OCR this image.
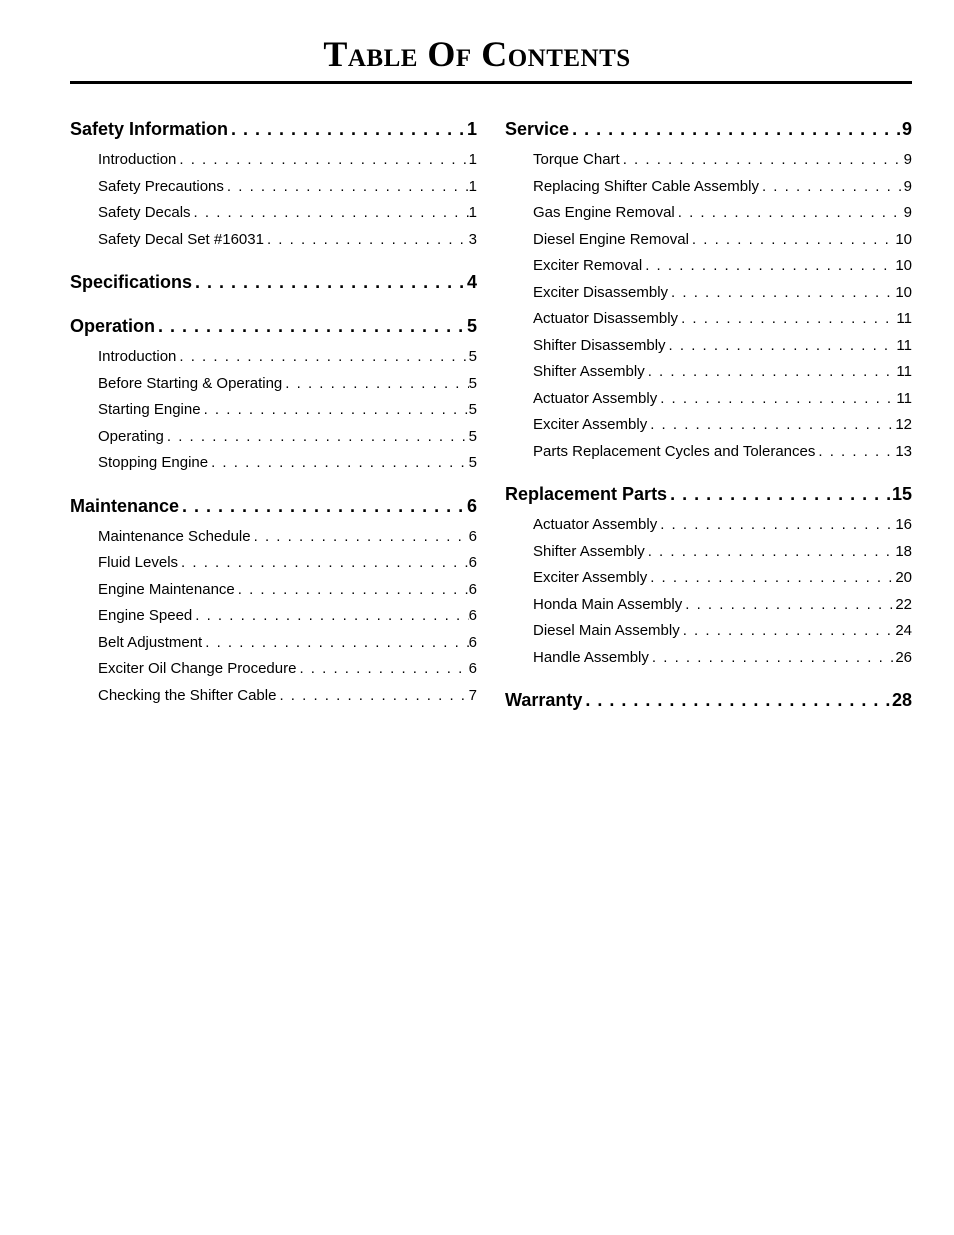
Table Of Contents
Safety Information . . .	1
Introduction . . .	1
Safety Precautions . . .	1
Safety Decals . . .	1
Safety Decal Set #16031 . . .	3
Specifications . . .	4
Operation . . .	5
Introduction . . .	5
Before Starting & Operating . . .	5
Starting Engine . . .	5
Operating . . .	5
Stopping Engine . . .	5
Maintenance . . .	6
Maintenance Schedule . . .	6
Fluid Levels . . .	6
Engine Maintenance . . .	6
Engine Speed . . .	6
Belt Adjustment . . .	6
Exciter Oil Change Procedure . . .	6
Checking the Shifter Cable . . .	7
Service . . .	9
Torque Chart . . .	9
Replacing Shifter Cable Assembly . . .	9
Gas Engine Removal . . .	9
Diesel Engine Removal . . .	10
Exciter Removal . . .	10
Exciter Disassembly . . .	10
Actuator Disassembly . . .	11
Shifter Disassembly . . .	11
Shifter Assembly . . .	11
Actuator Assembly . . .	11
Exciter Assembly . . .	12
Parts Replacement Cycles and Tolerances . . .	13
Replacement Parts . . .	15
Actuator Assembly . . .	16
Shifter Assembly . . .	18
Exciter Assembly . . .	20
Honda Main Assembly . . .	22
Diesel Main Assembly . . .	24
Handle Assembly . . .	26
Warranty . . .	28
